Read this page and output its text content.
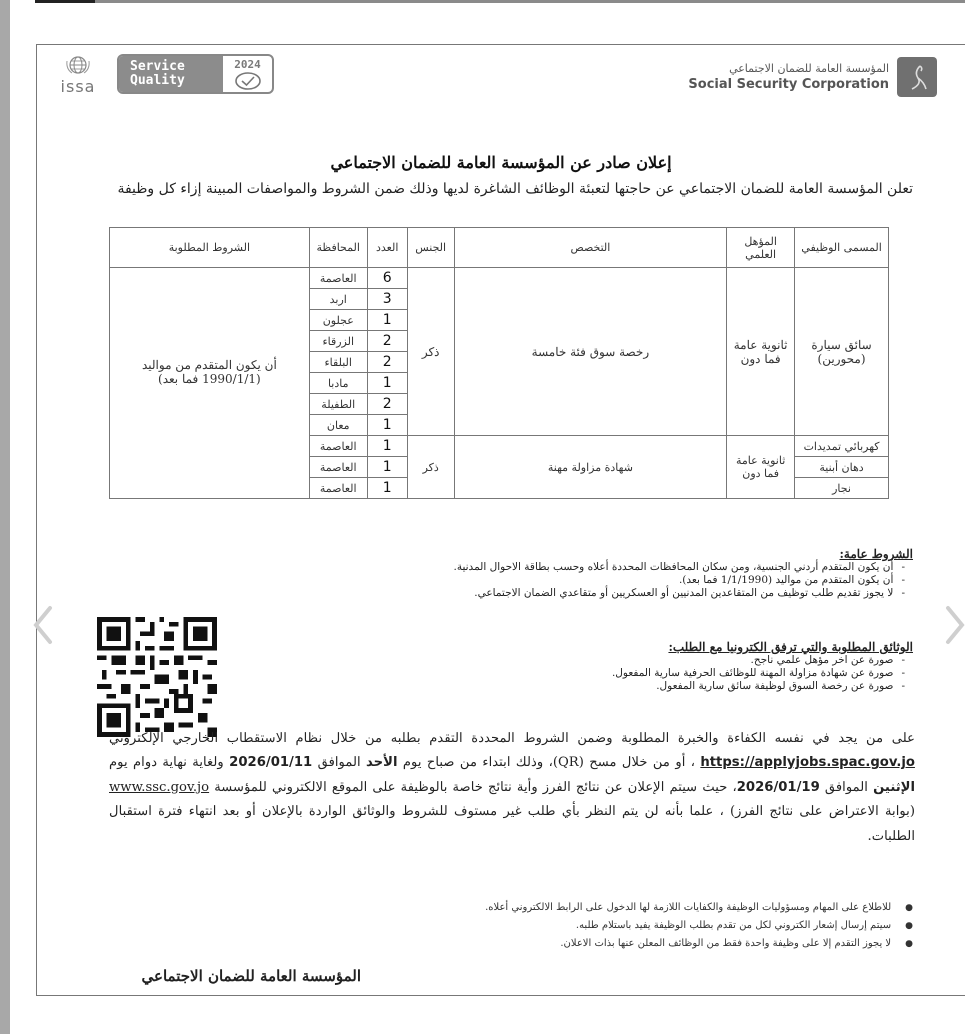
issa
Service
Quality
2024	المؤسسة العامة للضمان الاجتماعي
Social Security Corporation
إعلان صادر عن المؤسسة العامة للضمان الاجتماعي
تعلن المؤسسة العامة للضمان الاجتماعي عن حاجتها لتعبئة الوظائف الشاغرة لديها وذلك ضمن الشروط والمواصفات المبينة إزاء كل وظيفة
المسمى الوظيفي	المؤهل العلمي	التخصص	الجنس	العدد	المحافظة	الشروط المطلوبة
سائق سيارة (محورين)	ثانوية عامة فما دون	رخصة سوق فئة خامسة	ذكر	6	العاصمة	أن يكون المتقدم من مواليد (1990/1/1 فما بعد)
				3	اربد	
				1	عجلون	
				2	الزرقاء	
				2	البلقاء	
				1	مادبا	
				2	الطفيلة	
				1	معان	
كهربائي تمديدات	ثانوية عامة فما دون	شهادة مزاولة مهنة	ذكر	1	العاصمة	
دهان أبنية				1	العاصمة	
نجار				1	العاصمة	
الشروط عامة:
- أن يكون المتقدم أردني الجنسية، ومن سكان المحافظات المحددة أعلاه وحسب بطاقة الاحوال المدنية.
- أن يكون المتقدم من مواليد (1/1/1990 فما بعد).
- لا يجوز تقديم طلب توظيف من المتقاعدين المدنيين أو العسكريين أو متقاعدي الضمان الاجتماعي.
الوثائق المطلوبة والتي ترفق الكترونيا مع الطلب:
- صورة عن اخر مؤهل علمي ناجح.
- صورة عن شهادة مزاولة المهنة للوظائف الحرفية سارية المفعول.
- صورة عن رخصة السوق لوظيفة سائق سارية المفعول.
على من يجد في نفسه الكفاءة والخبرة المطلوبة وضمن الشروط المحددة التقدم بطلبه من خلال نظام الاستقطاب الخارجي الإلكتروني https://applyjobs.spac.gov.jo ، أو من خلال مسح (QR)، وذلك ابتداء من صباح يوم الأحد الموافق 2026/01/11 ولغاية نهاية دوام يوم الإثنين الموافق 2026/01/19، حيث سيتم الإعلان عن نتائج الفرز وأية نتائج خاصة بالوظيفة على الموقع الالكتروني للمؤسسة www.ssc.gov.jo (بوابة الاعتراض على نتائج الفرز) ، علما بأنه لن يتم النظر بأي طلب غير مستوف للشروط والوثائق الواردة بالإعلان أو بعد انتهاء فترة استقبال الطلبات.
● للاطلاع على المهام ومسؤوليات الوظيفة والكفايات اللازمة لها الدخول على الرابط الالكتروني أعلاه.
● سيتم إرسال إشعار الكتروني لكل من تقدم بطلب الوظيفة يفيد باستلام طلبه.
● لا يجوز التقدم إلا على وظيفة واحدة فقط من الوظائف المعلن عنها بذات الاعلان.
المؤسسة العامة للضمان الاجتماعي
